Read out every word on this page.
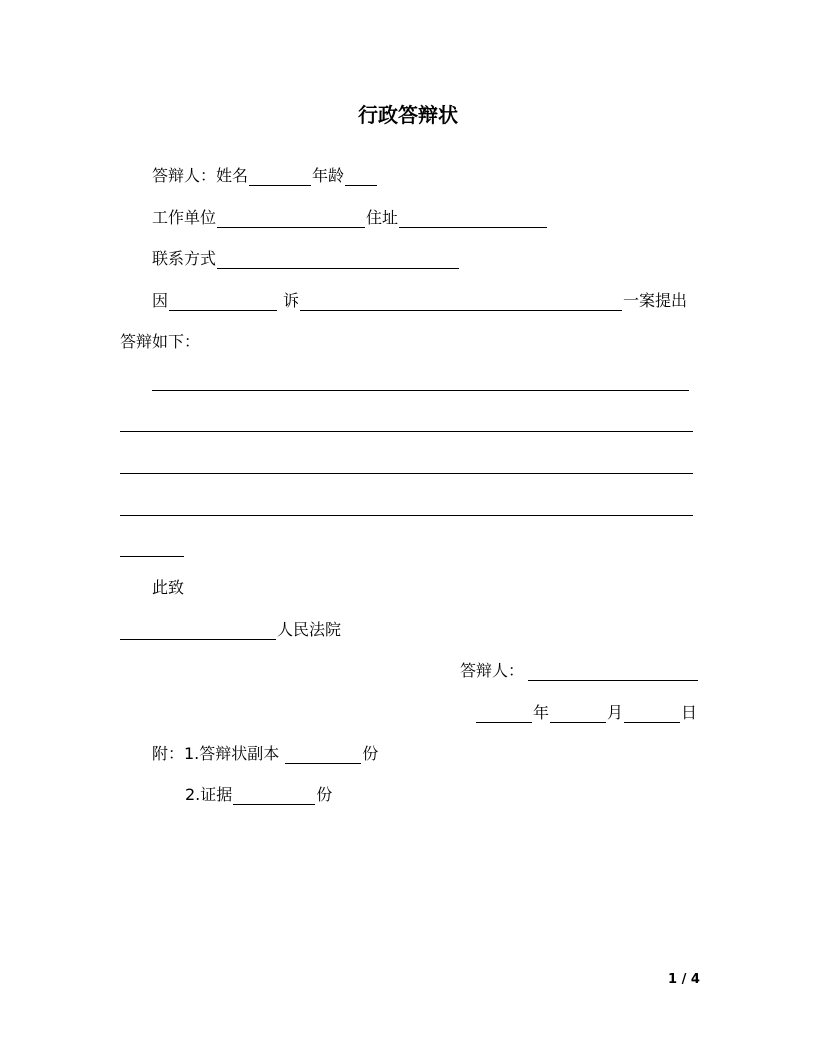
行政答辩状
答辩人：姓名	年龄
工作单位	住址
联系方式
因	诉	一案提出
答辩如下：
此致
人民法院
答辩人：
年	月	日
附：1.答辩状副本	份
2.证据	份
1 / 4
